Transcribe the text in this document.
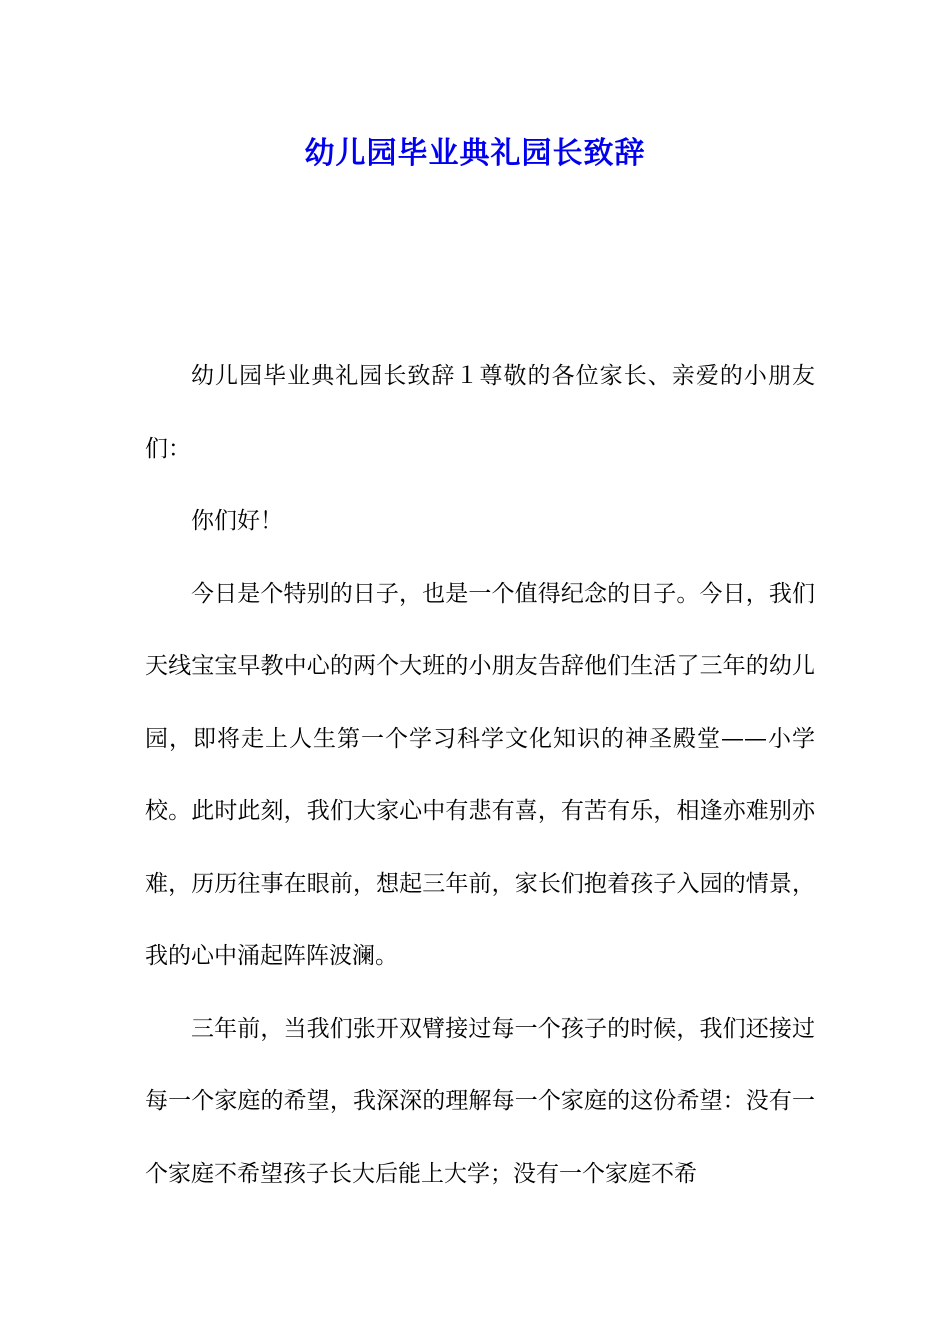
幼儿园毕业典礼园长致辞

幼儿园毕业典礼园长致辞１尊敬的各位家长、亲爱的小朋友们：

你们好！

今日是个特别的日子，也是一个值得纪念的日子。今日，我们天线宝宝早教中心的两个大班的小朋友告辞他们生活了三年的幼儿园，即将走上人生第一个学习科学文化知识的神圣殿堂——小学校。此时此刻，我们大家心中有悲有喜，有苦有乐，相逢亦难别亦难，历历往事在眼前，想起三年前，家长们抱着孩子入园的情景，我的心中涌起阵阵波澜。

三年前，当我们张开双臂接过每一个孩子的时候，我们还接过每一个家庭的希望，我深深的理解每一个家庭的这份希望：没有一个家庭不希望孩子长大后能上大学；没有一个家庭不希
